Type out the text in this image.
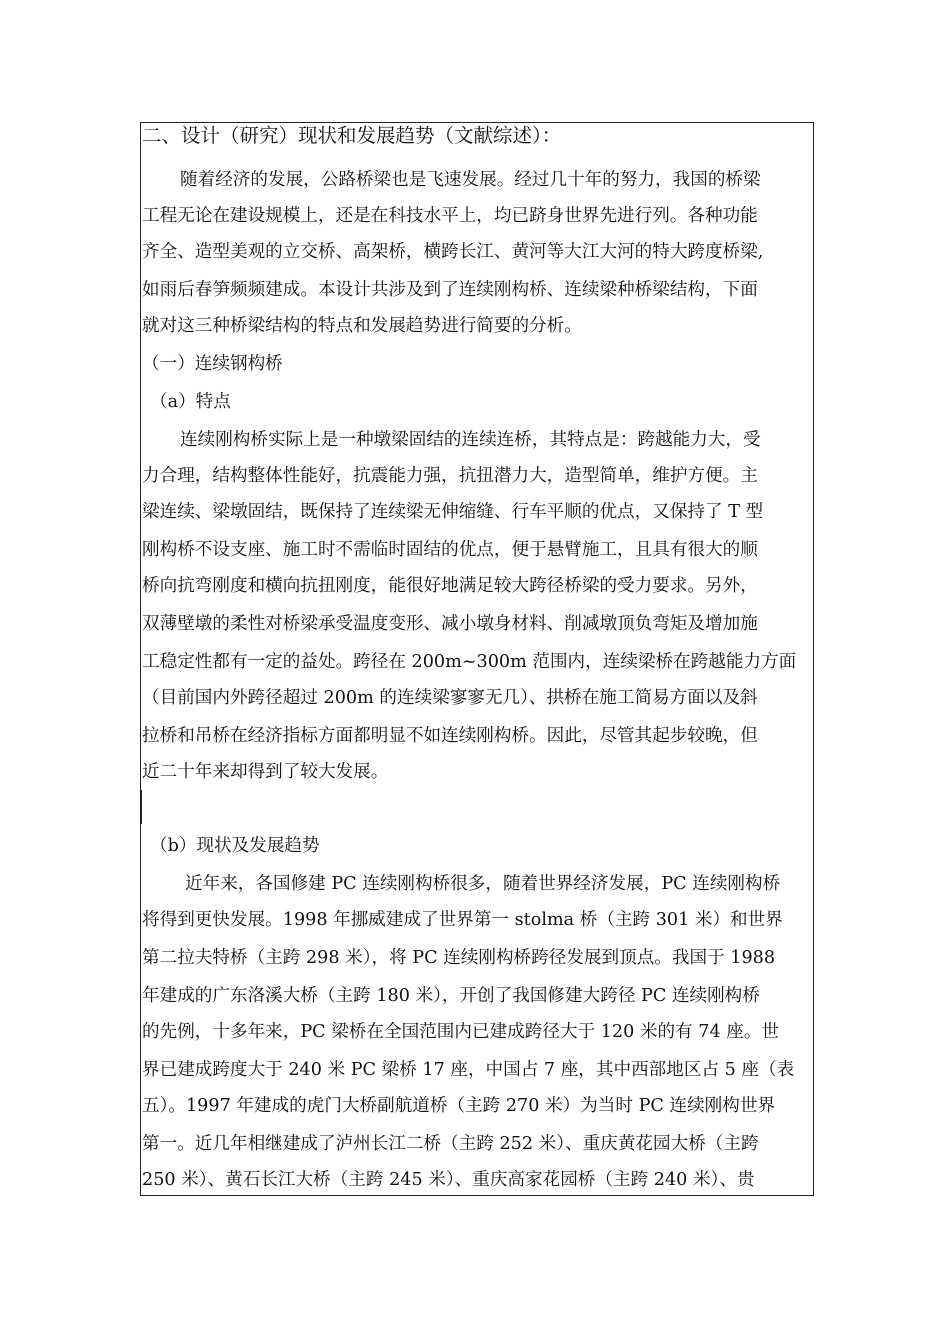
二、设计（研究）现状和发展趋势（文献综述）：
随着经济的发展，公路桥梁也是飞速发展。经过几十年的努力，我国的桥梁
工程无论在建设规模上，还是在科技水平上，均已跻身世界先进行列。各种功能
齐全、造型美观的立交桥、高架桥，横跨长江、黄河等大江大河的特大跨度桥梁,
如雨后春笋频频建成。本设计共涉及到了连续刚构桥、连续梁种桥梁结构，下面
就对这三种桥梁结构的特点和发展趋势进行简要的分析。
（一）连续钢构桥
（a）特点
连续刚构桥实际上是一种墩梁固结的连续连桥，其特点是：跨越能力大，受
力合理，结构整体性能好，抗震能力强，抗扭潜力大，造型简单，维护方便。主
梁连续、梁墩固结，既保持了连续梁无伸缩缝、行车平顺的优点，又保持了 T 型
刚构桥不设支座、施工时不需临时固结的优点，便于悬臂施工，且具有很大的顺
桥向抗弯刚度和横向抗扭刚度，能很好地满足较大跨径桥梁的受力要求。另外，
双薄壁墩的柔性对桥梁承受温度变形、减小墩身材料、削减墩顶负弯矩及增加施
工稳定性都有一定的益处。跨径在 200m~300m 范围内，连续梁桥在跨越能力方面
（目前国内外跨径超过 200m 的连续梁寥寥无几）、拱桥在施工简易方面以及斜
拉桥和吊桥在经济指标方面都明显不如连续刚构桥。因此，尽管其起步较晚，但
近二十年来却得到了较大发展。
（b）现状及发展趋势
近年来，各国修建 PC 连续刚构桥很多，随着世界经济发展，PC 连续刚构桥
将得到更快发展。1998 年挪威建成了世界第一 stolma 桥（主跨 301 米）和世界
第二拉夫特桥（主跨 298 米），将 PC 连续刚构桥跨径发展到顶点。我国于 1988
年建成的广东洛溪大桥（主跨 180 米），开创了我国修建大跨径 PC 连续刚构桥
的先例，十多年来，PC 梁桥在全国范围内已建成跨径大于 120 米的有 74 座。世
界已建成跨度大于 240 米 PC 梁桥 17 座，中国占 7 座，其中西部地区占 5 座（表
五）。1997 年建成的虎门大桥副航道桥（主跨 270 米）为当时 PC 连续刚构世界
第一。近几年相继建成了泸州长江二桥（主跨 252 米）、重庆黄花园大桥（主跨
250 米）、黄石长江大桥（主跨 245 米）、重庆高家花园桥（主跨 240 米）、贵
